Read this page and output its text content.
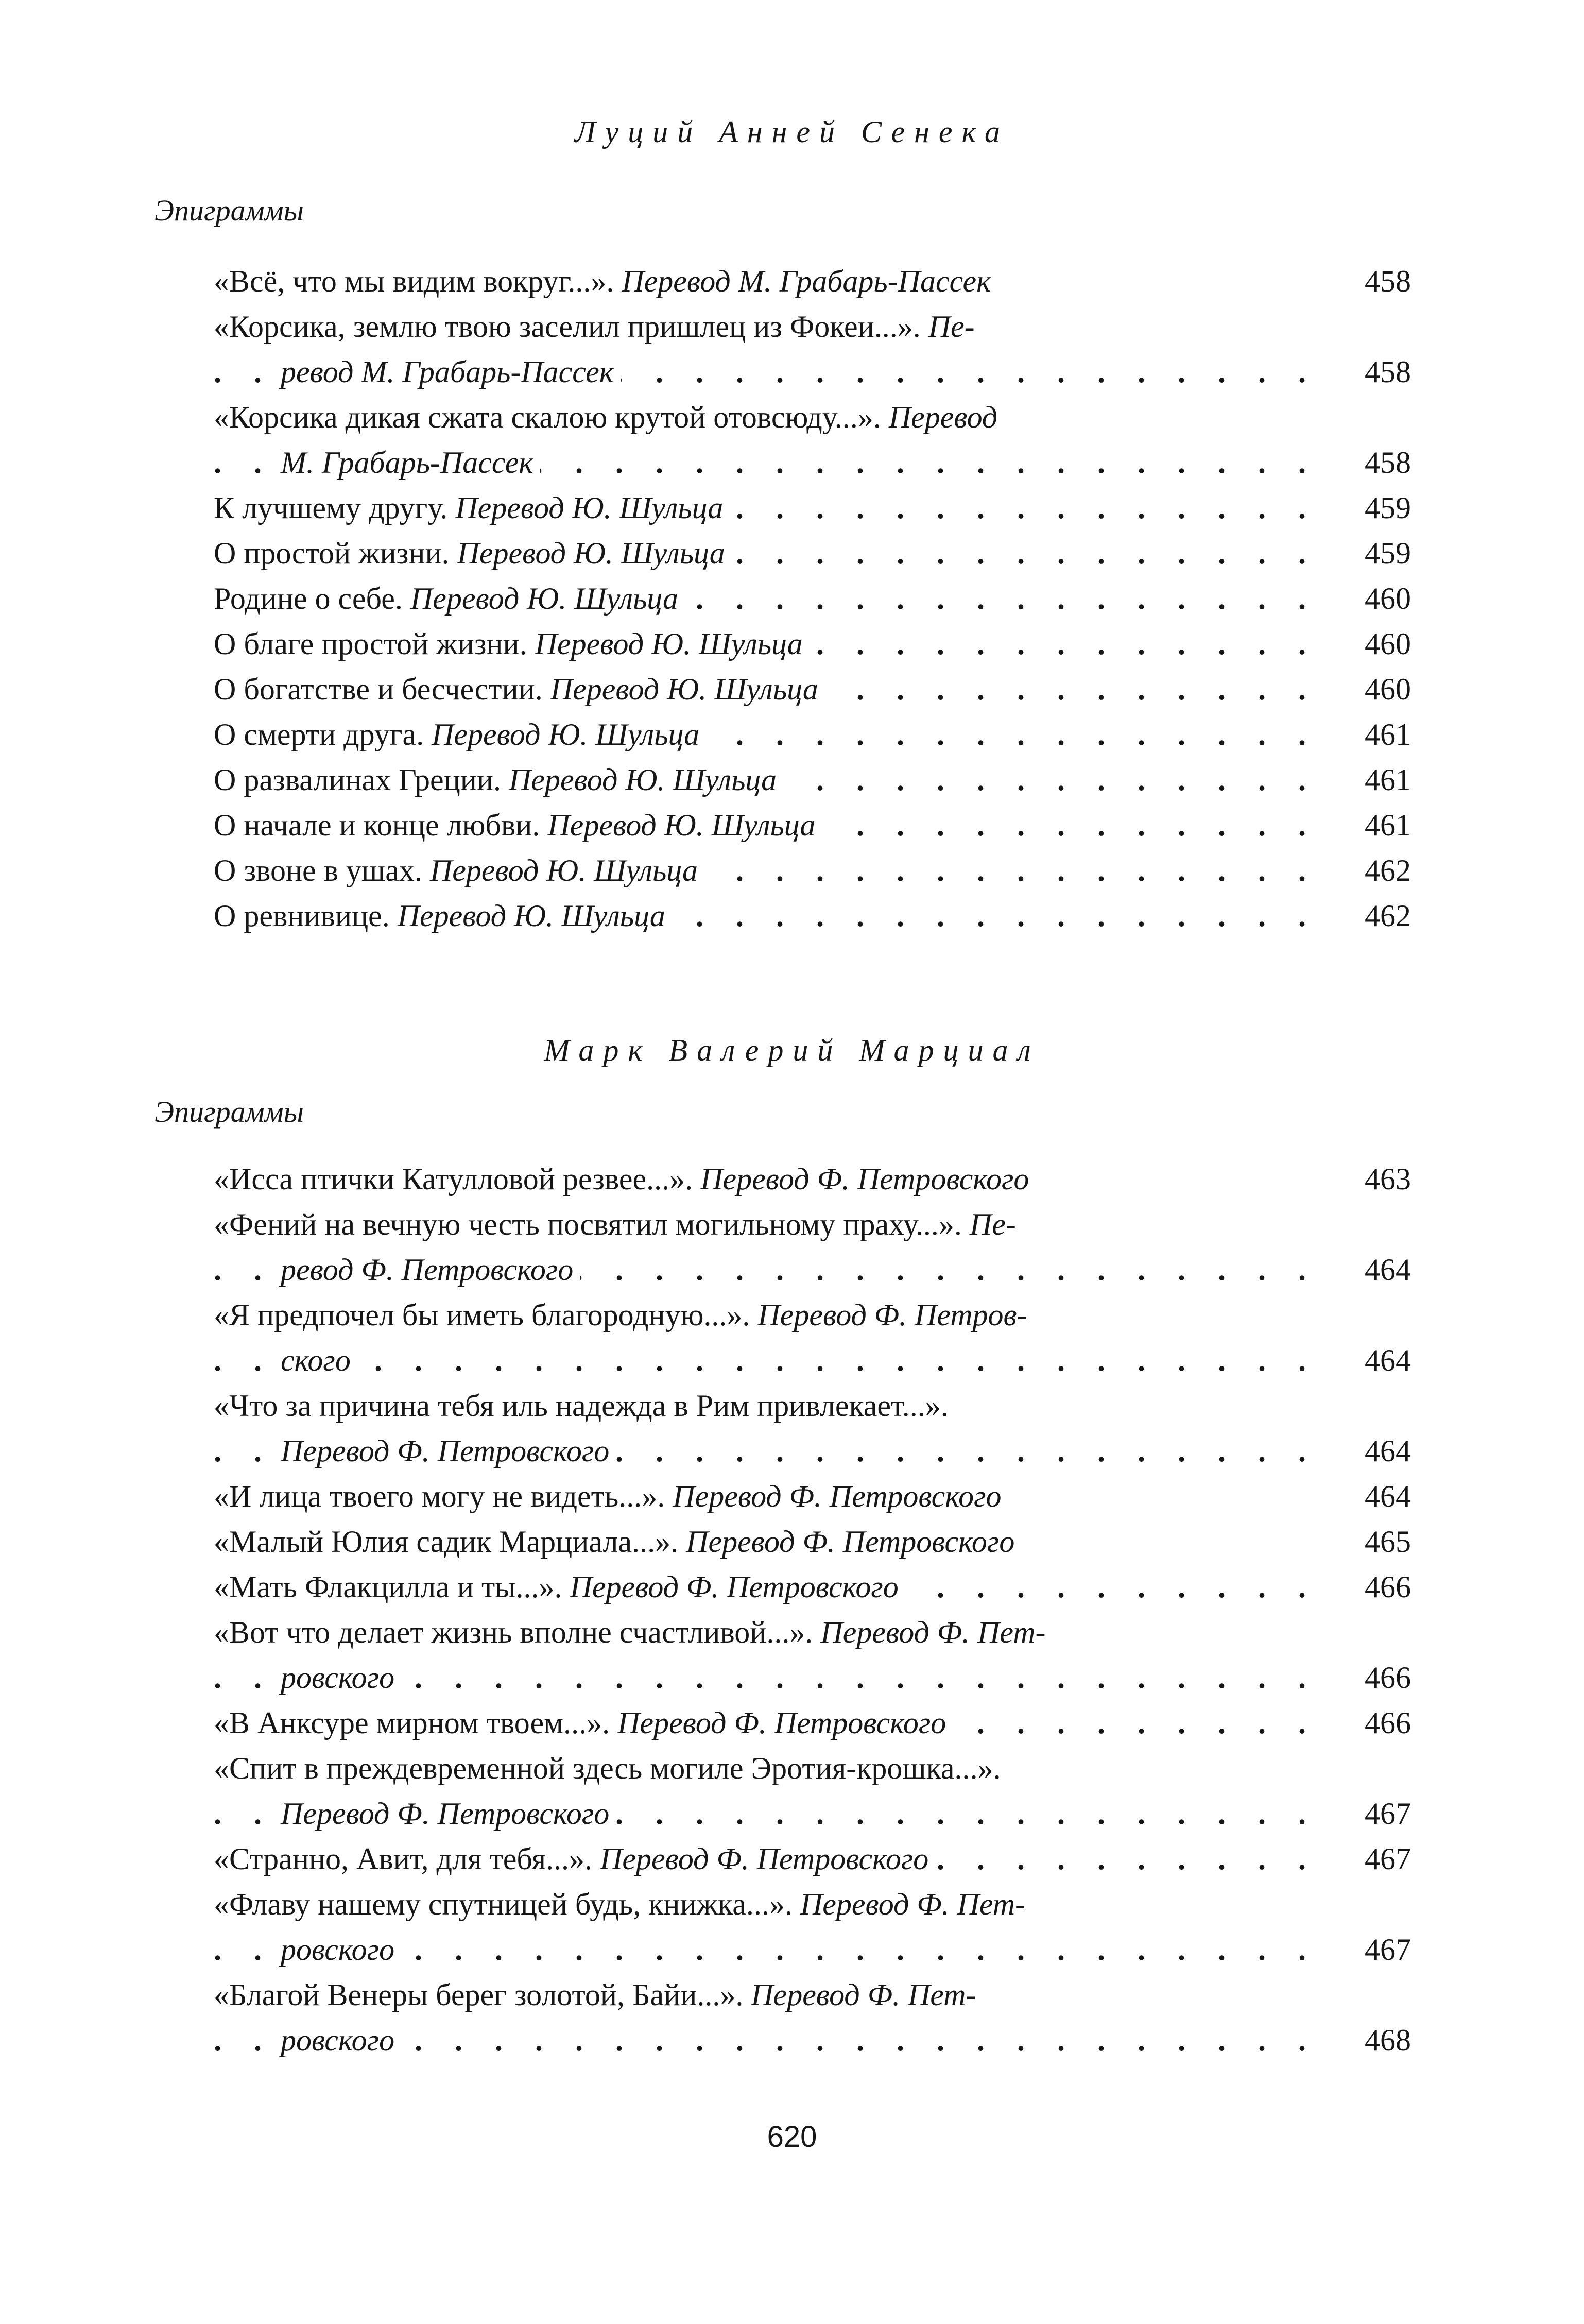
Луций Анней Сенека
Эпиграммы
«Всё, что мы видим вокруг...». Перевод М. Грабарь-Пассек	458
«Корсика, землю твою заселил пришлец из Фокеи...». Пе-
ревод М. Грабарь-Пассек . . .	458
«Корсика дикая сжата скалою крутой отовсюду...». Перевод
М. Грабарь-Пассек . . .	458
К лучшему другу. Перевод Ю. Шульца . . .	459
О простой жизни. Перевод Ю. Шульца . . .	459
Родине о себе. Перевод Ю. Шульца . . .	460
О благе простой жизни. Перевод Ю. Шульца . . .	460
О богатстве и бесчестии. Перевод Ю. Шульца . . .	460
О смерти друга. Перевод Ю. Шульца . . .	461
О развалинах Греции. Перевод Ю. Шульца . . .	461
О начале и конце любви. Перевод Ю. Шульца . . .	461
О звоне в ушах. Перевод Ю. Шульца . . .	462
О ревнивице. Перевод Ю. Шульца . . .	462
Марк Валерий Марциал
Эпиграммы
«Исса птички Катулловой резвее...». Перевод Ф. Петровского	463
«Фений на вечную честь посвятил могильному праху...». Пе-
ревод Ф. Петровского . . .	464
«Я предпочел бы иметь благородную...». Перевод Ф. Петров-
ского . . .	464
«Что за причина тебя иль надежда в Рим привлекает...».
Перевод Ф. Петровского . . .	464
«И лица твоего могу не видеть...». Перевод Ф. Петровского	464
«Малый Юлия садик Марциала...». Перевод Ф. Петровского	465
«Мать Флакцилла и ты...». Перевод Ф. Петровского . . .	466
«Вот что делает жизнь вполне счастливой...». Перевод Ф. Пет-
ровского . . .	466
«В Анксуре мирном твоем...». Перевод Ф. Петровского . . .	466
«Спит в преждевременной здесь могиле Эротия-крошка...».
Перевод Ф. Петровского . . .	467
«Странно, Авит, для тебя...». Перевод Ф. Петровского . . .	467
«Флаву нашему спутницей будь, книжка...». Перевод Ф. Пет-
ровского . . .	467
«Благой Венеры берег золотой, Байи...». Перевод Ф. Пет-
ровского . . .	468
620
